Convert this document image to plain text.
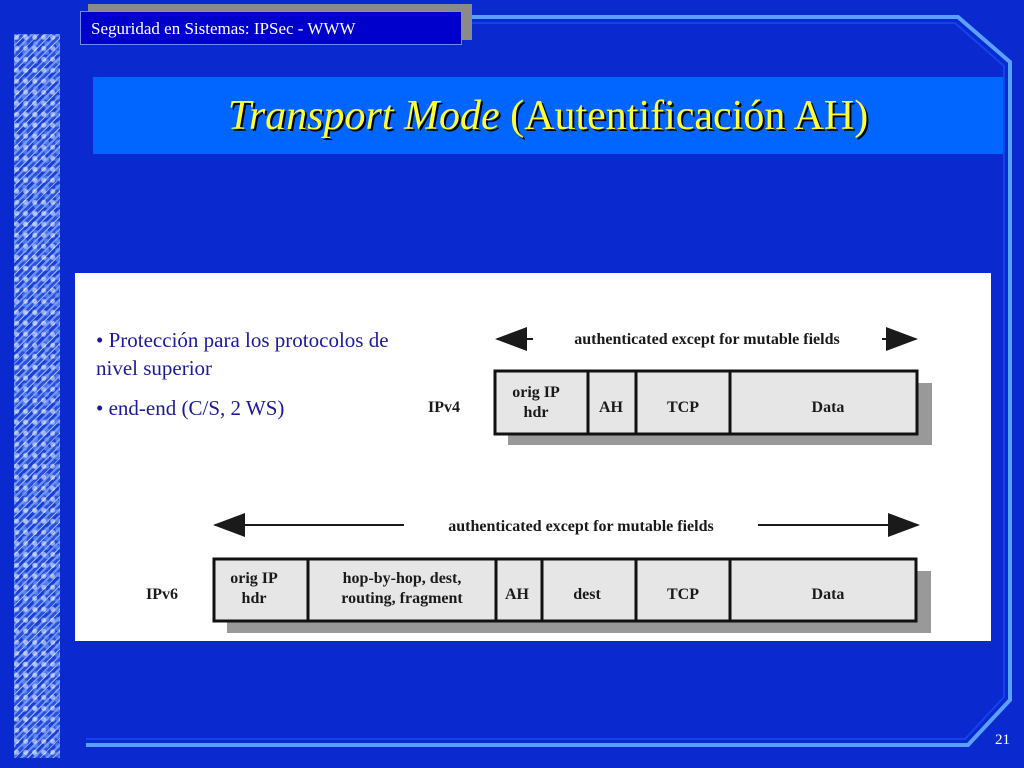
Seguridad en Sistemas: IPSec - WWW
Transport Mode
(Autentificación AH)

• Protección para los protocolos de nivel superior

• end-end (C/S, 2 WS)

authenticated except for mutable fields
IPv4
orig IP hdr	AH	TCP	Data
authenticated except for mutable fields
IPv6
orig IP hdr
hop-by-hop, dest, routing, fragment	AH	dest	TCP	Data
21
